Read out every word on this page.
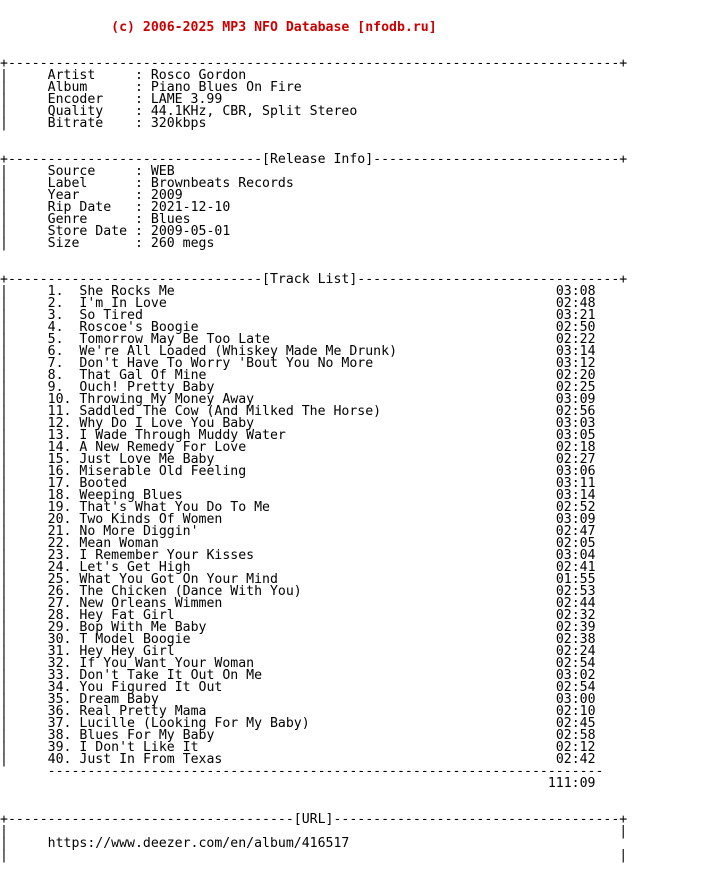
(c) 2006-2025 MP3 NFO Database [nfodb.ru]

+-----------------------------------------------------------------------------+
|     Artist     : Rosco Gordon
|     Album      : Piano Blues On Fire
|     Encoder    : LAME 3.99
|     Quality    : 44.1KHz, CBR, Split Stereo
|     Bitrate    : 320kbps

+--------------------------------[Release Info]-------------------------------+
|     Source     : WEB
|     Label      : Brownbeats Records
|     Year       : 2009
|     Rip Date   : 2021-12-10
|     Genre      : Blues
|     Store Date : 2009-05-01
|     Size       : 260 megs

+--------------------------------[Track List]---------------------------------+
|     1. She Rocks Me	03:08
|     2. I'm In Love	02:48
|     3. So Tired	03:21
|     4. Roscoe's Boogie	02:50
|     5. Tomorrow May Be Too Late	02:22
|     6. We're All Loaded (Whiskey Made Me Drunk)	03:14
|     7. Don't Have To Worry 'Bout You No More	03:12
|     8. That Gal Of Mine	02:20
|     9. Ouch! Pretty Baby	02:25
|     10. Throwing My Money Away	03:09
|     11. Saddled The Cow (And Milked The Horse)	02:56
|     12. Why Do I Love You Baby	03:03
|     13. I Wade Through Muddy Water	03:05
|     14. A New Remedy For Love	02:18
|     15. Just Love Me Baby	02:27
|     16. Miserable Old Feeling	03:06
|     17. Booted	03:11
|     18. Weeping Blues	03:14
|     19. That's What You Do To Me	02:52
|     20. Two Kinds Of Women	03:09
|     21. No More Diggin'	02:47
|     22. Mean Woman	02:05
|     23. I Remember Your Kisses	03:04
|     24. Let's Get High	02:41
|     25. What You Got On Your Mind	01:55
|     26. The Chicken (Dance With You)	02:53
|     27. New Orleans Wimmen	02:44
|     28. Hey Fat Girl	02:32
|     29. Bop With Me Baby	02:39
|     30. T Model Boogie	02:38
|     31. Hey Hey Girl	02:24
|     32. If You Want Your Woman	02:54
|     33. Don't Take It Out On Me	03:02
|     34. You Figured It Out	02:54
|     35. Dream Baby	03:00
|     36. Real Pretty Mama	02:10
|     37. Lucille (Looking For My Baby)	02:45
|     38. Blues For My Baby	02:58
|     39. I Don't Like It	02:12
|     40. Just In From Texas	02:42
----------------------------------------------------------------------
111:09

+------------------------------------[URL]------------------------------------+
|                                                                             |
|     https://www.deezer.com/en/album/416517
|                                                                             |
